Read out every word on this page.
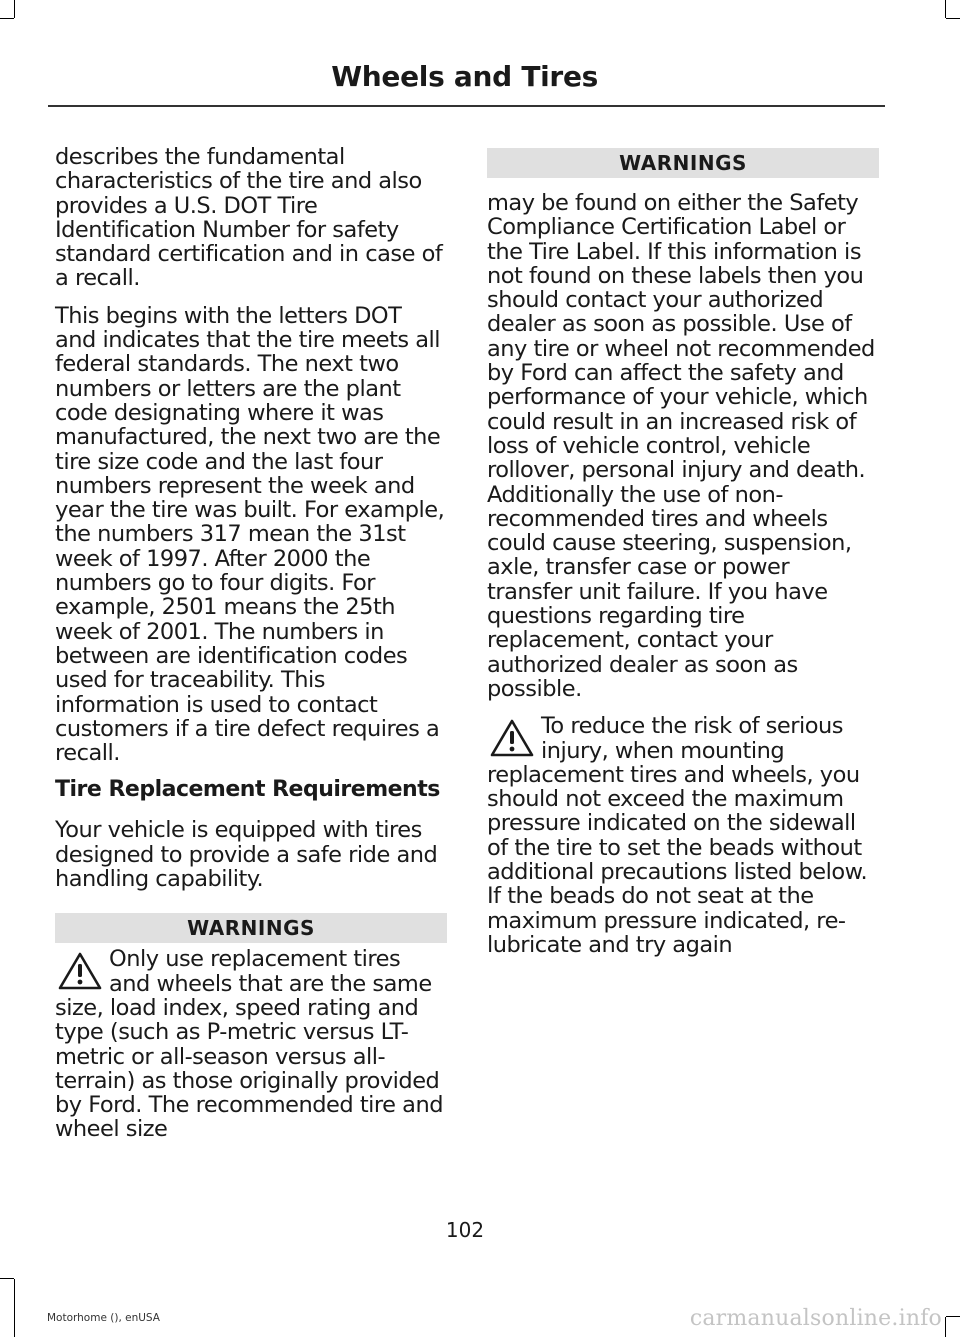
Wheels and Tires

describes the fundamental characteristics of the tire and also provides a U.S. DOT Tire Identification Number for safety standard certification and in case of a recall.

This begins with the letters DOT and indicates that the tire meets all federal standards. The next two numbers or letters are the plant code designating where it was manufactured, the next two are the tire size code and the last four numbers represent the week and year the tire was built. For example, the numbers 317 mean the 31st week of 1997. After 2000 the numbers go to four digits. For example, 2501 means the 25th week of 2001. The numbers in between are identification codes used for traceability. This information is used to contact customers if a tire defect requires a recall.

Tire Replacement Requirements

Your vehicle is equipped with tires designed to provide a safe ride and handling capability.

WARNINGS
Only use replacement tires and wheels that are the same size, load index, speed rating and type (such as P-metric versus LT-metric or all-season versus all-terrain) as those originally provided by Ford. The recommended tire and wheel size
WARNINGS

may be found on either the Safety Compliance Certification Label or the Tire Label. If this information is not found on these labels then you should contact your authorized dealer as soon as possible. Use of any tire or wheel not recommended by Ford can affect the safety and performance of your vehicle, which could result in an increased risk of loss of vehicle control, vehicle rollover, personal injury and death. Additionally the use of non-recommended tires and wheels could cause steering, suspension, axle, transfer case or power transfer unit failure. If you have questions regarding tire replacement, contact your authorized dealer as soon as possible.

To reduce the risk of serious injury, when mounting replacement tires and wheels, you should not exceed the maximum pressure indicated on the sidewall of the tire to set the beads without additional precautions listed below. If the beads do not seat at the maximum pressure indicated, re-lubricate and try again
102
Motorhome (), enUSA	carmanualsonline.info
